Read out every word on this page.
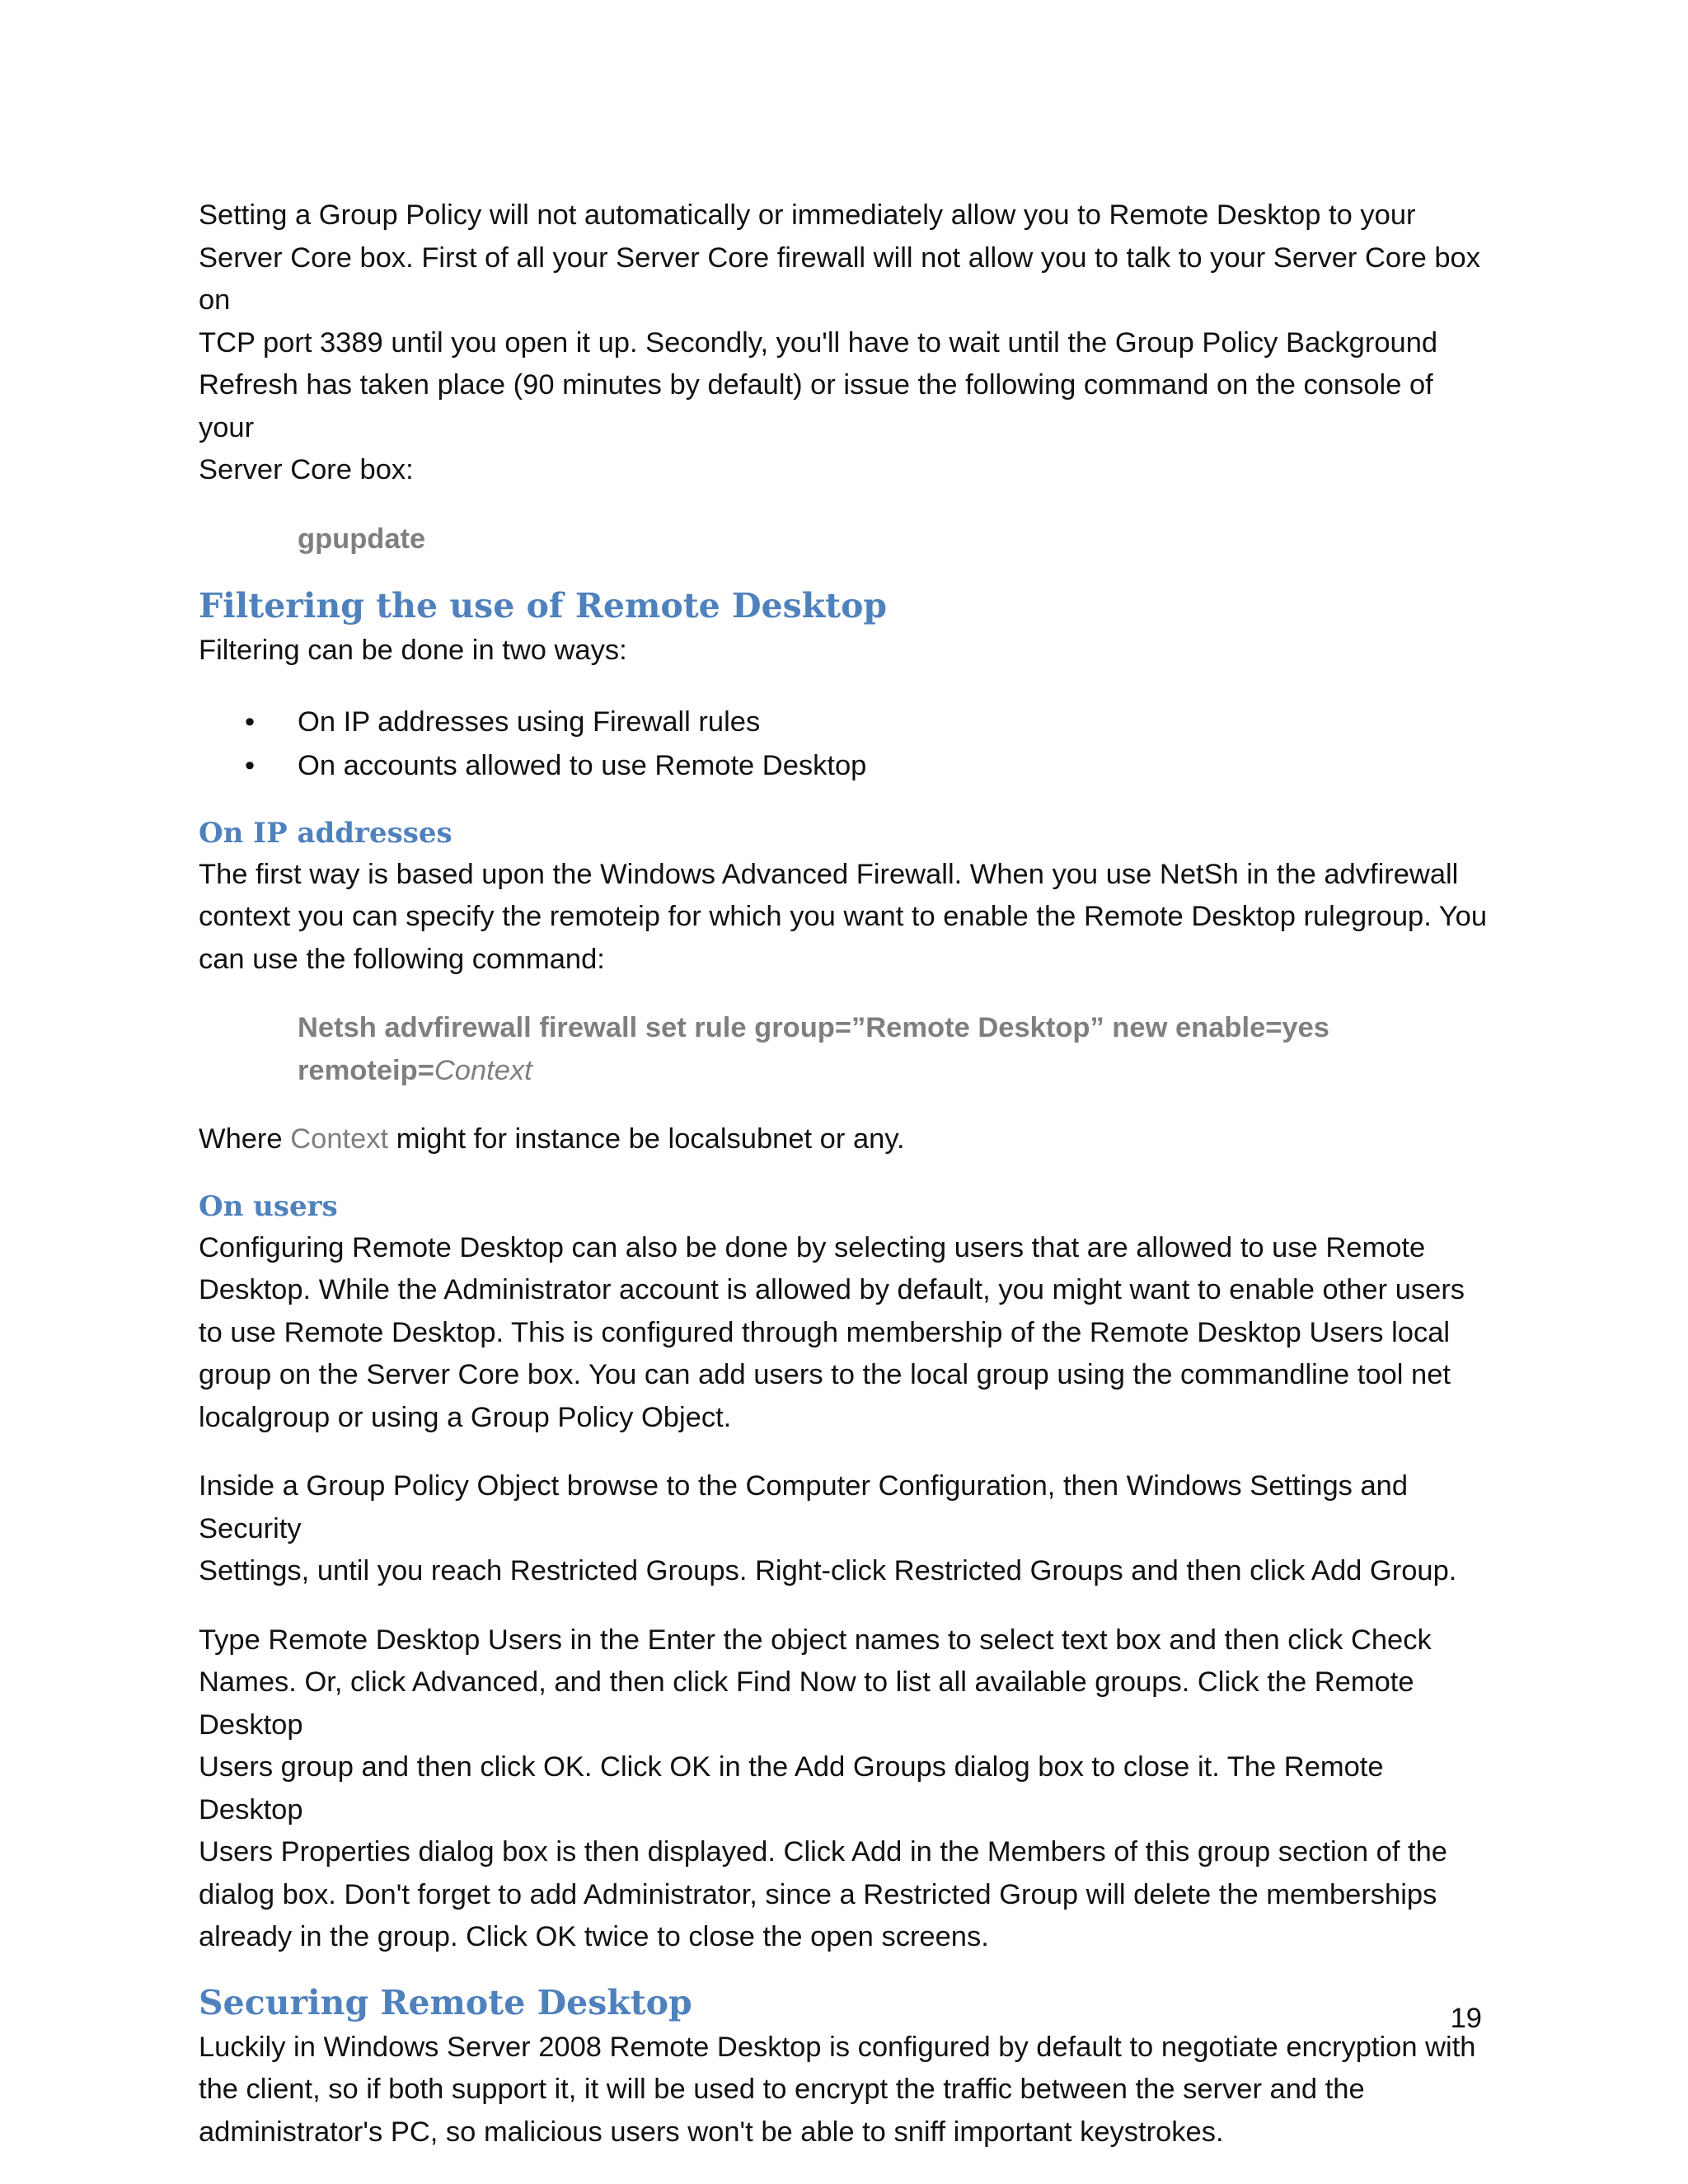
Setting a Group Policy will not automatically or immediately allow you to Remote Desktop to your
Server Core box. First of all your Server Core firewall will not allow you to talk to your Server Core box on
TCP port 3389 until you open it up. Secondly, you'll have to wait until the Group Policy Background
Refresh has taken place (90 minutes by default) or issue the following command on the console of your
Server Core box:

gpupdate
Filtering the use of Remote Desktop

Filtering can be done in two ways:

• On IP addresses using Firewall rules
• On accounts allowed to use Remote Desktop
On IP addresses

The first way is based upon the Windows Advanced Firewall. When you use NetSh in the advfirewall
context you can specify the remoteip for which you want to enable the Remote Desktop rulegroup. You
can use the following command:

Netsh advfirewall firewall set rule group=”Remote Desktop” new enable=yes
remoteip=Context

Where Context might for instance be localsubnet or any.

On users

Configuring Remote Desktop can also be done by selecting users that are allowed to use Remote
Desktop. While the Administrator account is allowed by default, you might want to enable other users
to use Remote Desktop. This is configured through membership of the Remote Desktop Users local
group on the Server Core box. You can add users to the local group using the commandline tool net
localgroup or using a Group Policy Object.

Inside a Group Policy Object browse to the Computer Configuration, then Windows Settings and Security
Settings, until you reach Restricted Groups. Right-click Restricted Groups and then click Add Group.

Type Remote Desktop Users in the Enter the object names to select text box and then click Check
Names. Or, click Advanced, and then click Find Now to list all available groups. Click the Remote Desktop
Users group and then click OK. Click OK in the Add Groups dialog box to close it. The Remote Desktop
Users Properties dialog box is then displayed. Click Add in the Members of this group section of the
dialog box. Don't forget to add Administrator, since a Restricted Group will delete the memberships
already in the group. Click OK twice to close the open screens.

Securing Remote Desktop

Luckily in Windows Server 2008 Remote Desktop is configured by default to negotiate encryption with
the client, so if both support it, it will be used to encrypt the traffic between the server and the
administrator's PC, so malicious users won't be able to sniff important keystrokes.

19
